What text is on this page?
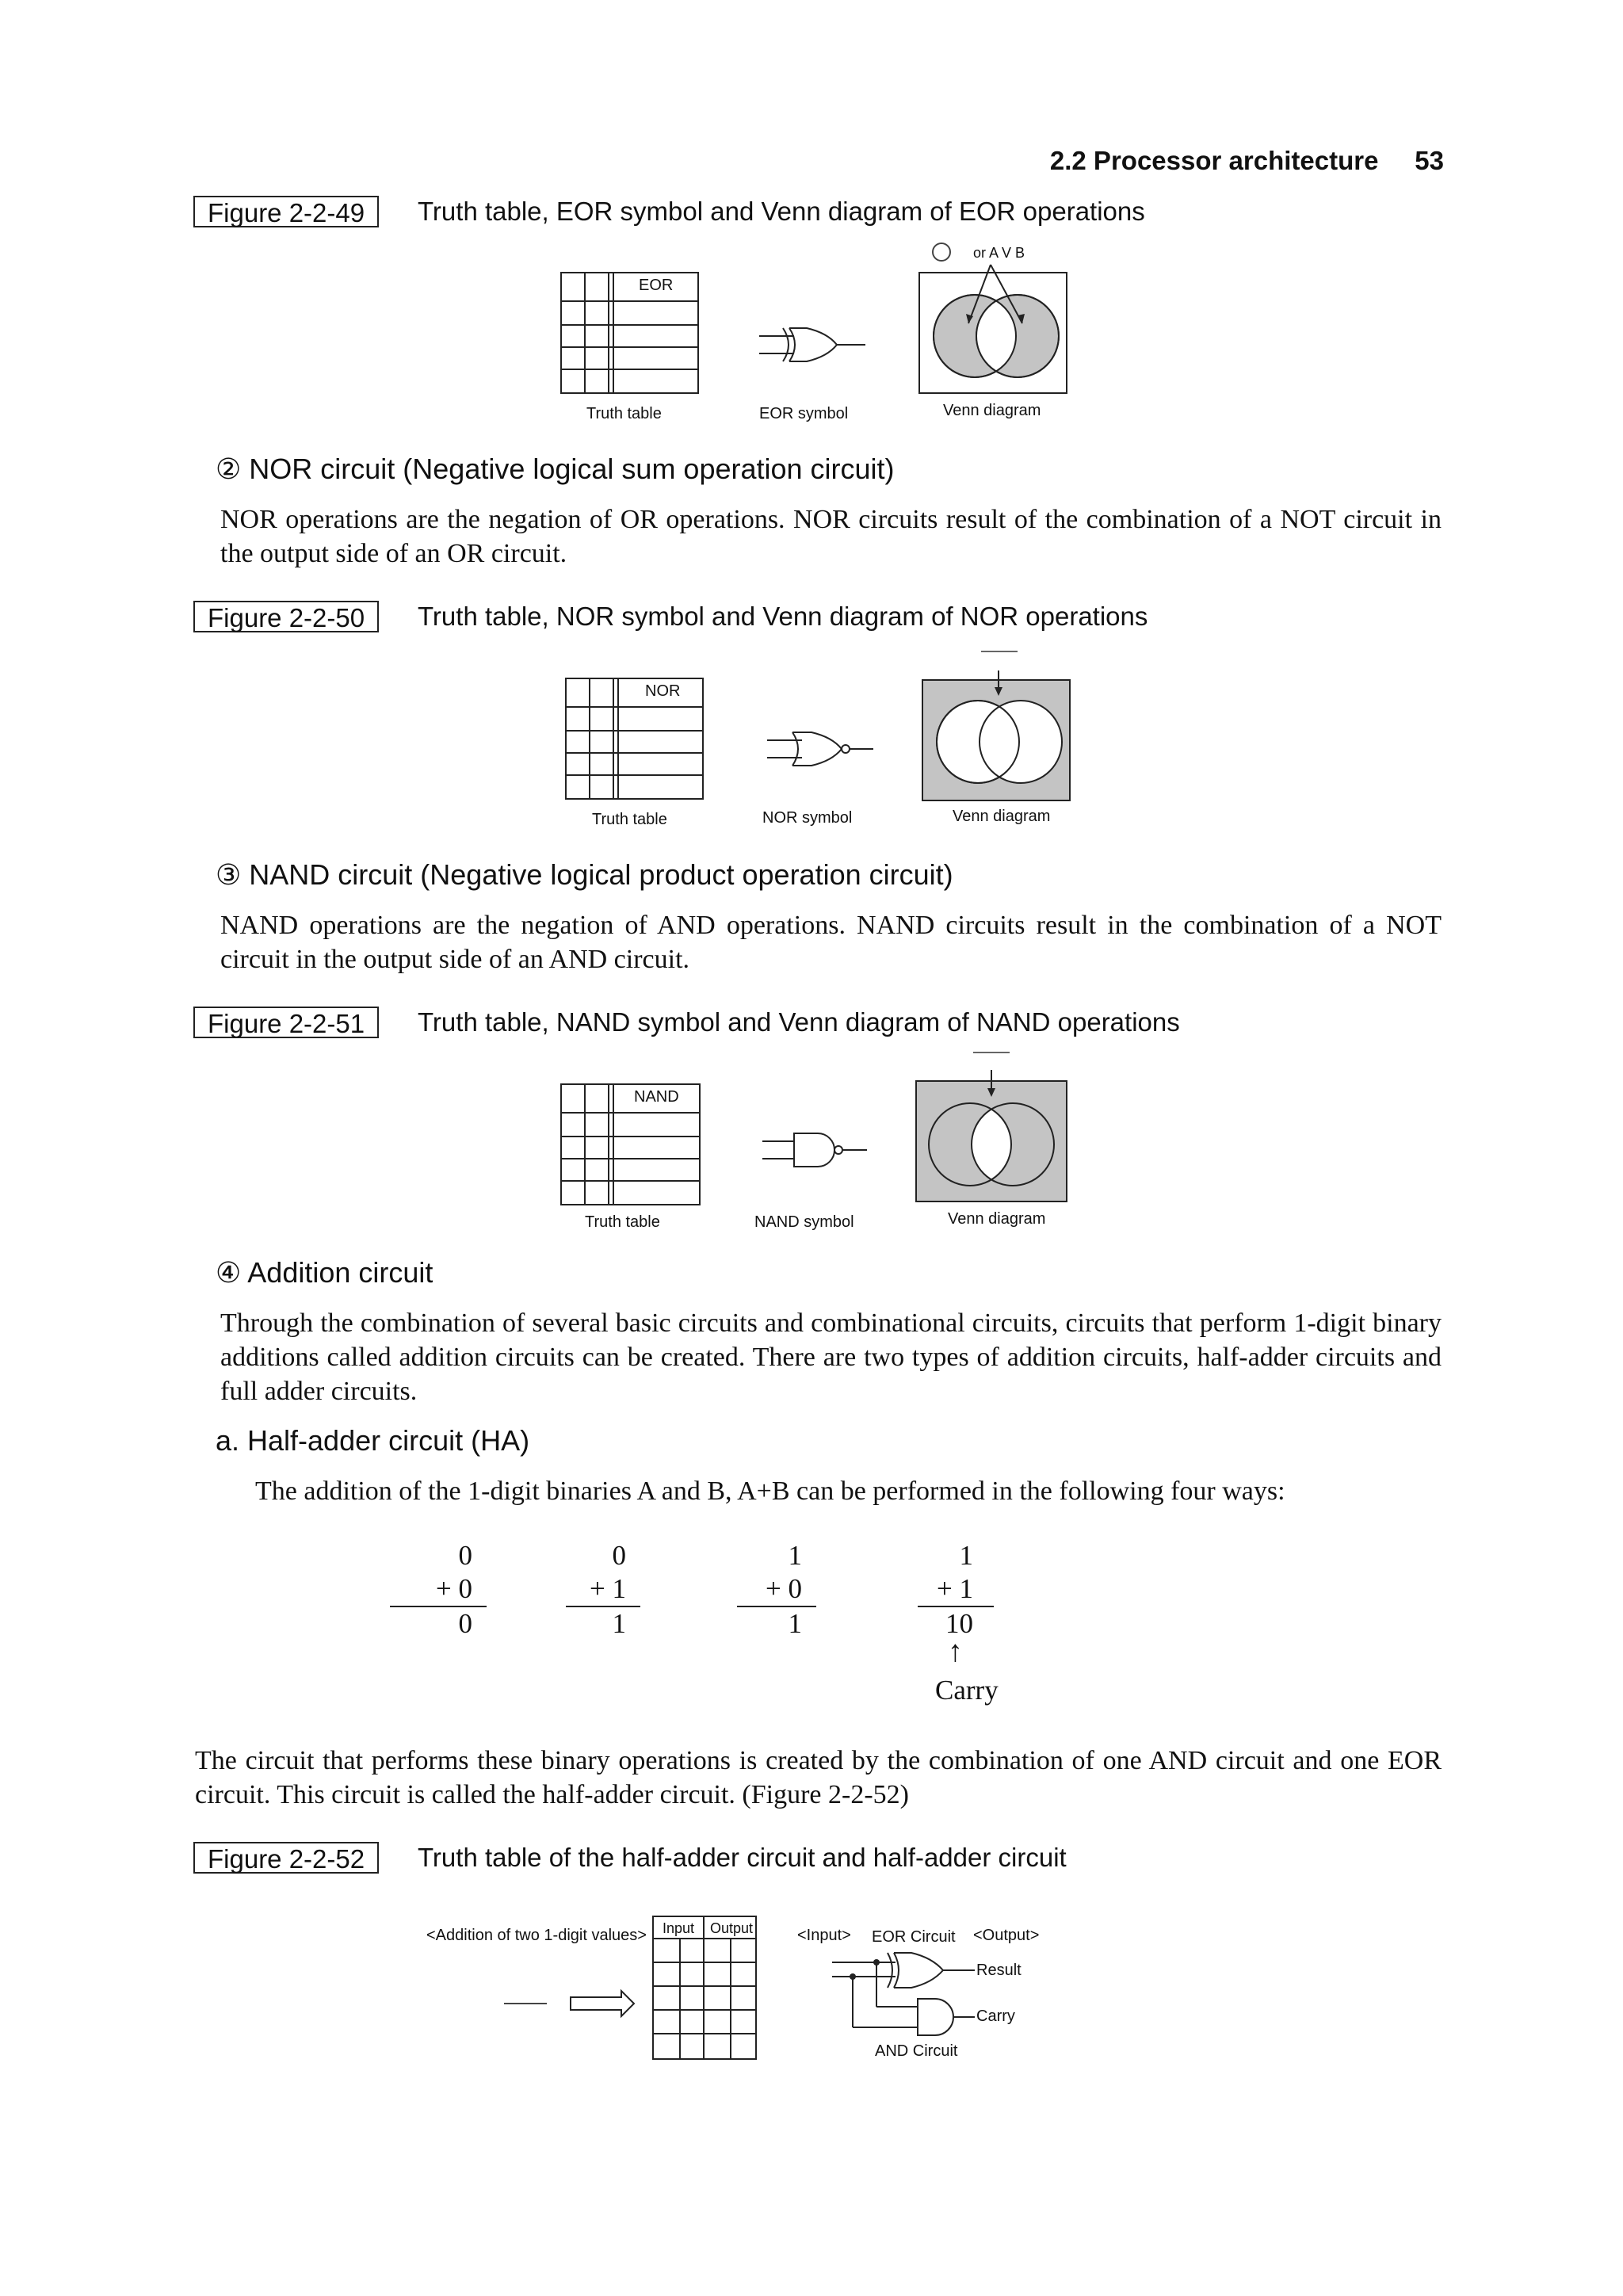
2.2 Processor architecture 53

Figure 2-2-49	Truth table, EOR symbol and Venn diagram of EOR operations
EOR
Truth table	EOR symbol
or A V B
Venn diagram
② NOR circuit (Negative logical sum operation circuit)
NOR operations are the negation of OR operations. NOR circuits result of the combination of a NOT circuit in the output side of an OR circuit.
Figure 2-2-50	Truth table, NOR symbol and Venn diagram of NOR operations
NOR
Truth table	NOR symbol	Venn diagram
③ NAND circuit (Negative logical product operation circuit)
NAND operations are the negation of AND operations. NAND circuits result in the combination of a NOT circuit in the output side of an AND circuit.
Figure 2-2-51	Truth table, NAND symbol and Venn diagram of NAND operations
NAND
Truth table	NAND symbol	Venn diagram
④ Addition circuit
Through the combination of several basic circuits and combinational circuits, circuits that perform 1-digit binary additions called addition circuits can be created. There are two types of addition circuits, half-adder circuits and full adder circuits.
a. Half-adder circuit (HA)
The addition of the 1-digit binaries A and B, A+B can be performed in the following four ways:
0
+ 0
0
0
+ 1
1
1
+ 0
1
1
+ 1
10
↑
Carry
The circuit that performs these binary operations is created by the combination of one AND circuit and one EOR circuit. This circuit is called the half-adder circuit. (Figure 2-2-52)
Figure 2-2-52	Truth table of the half-adder circuit and half-adder circuit
<Addition of two 1-digit values> Input Output	<Input> EOR Circuit <Output>
Result
Carry
AND Circuit
